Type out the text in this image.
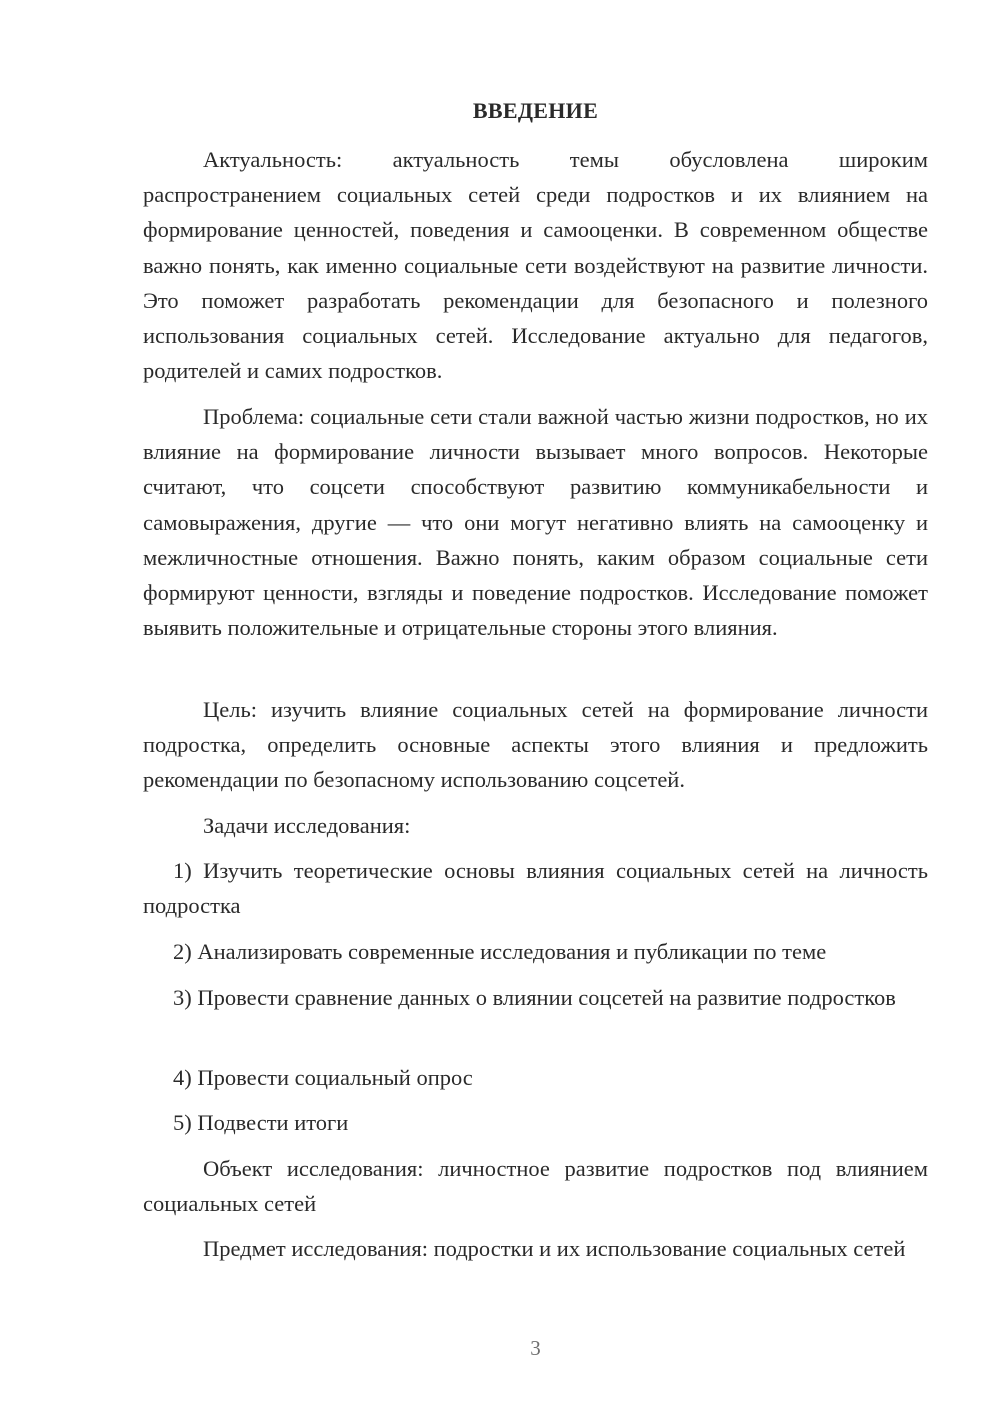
ВВЕДЕНИЕ

Актуальность: актуальность темы обусловлена широким распространением социальных сетей среди подростков и их влиянием на формирование ценностей, поведения и самооценки. В современном обществе важно понять, как именно социальные сети воздействуют на развитие личности. Это поможет разработать рекомендации для безопасного и полезного использования социальных сетей. Исследование актуально для педагогов, родителей и самих подростков.

Проблема: социальные сети стали важной частью жизни подростков, но их влияние на формирование личности вызывает много вопросов. Некоторые считают, что соцсети способствуют развитию коммуникабельности и самовыражения, другие — что они могут негативно влиять на самооценку и межличностные отношения. Важно понять, каким образом социальные сети формируют ценности, взгляды и поведение подростков. Исследование поможет выявить положительные и отрицательные стороны этого влияния.

Цель: изучить влияние социальных сетей на формирование личности подростка, определить основные аспекты этого влияния и предложить рекомендации по безопасному использованию соцсетей.

Задачи исследования:

1) Изучить теоретические основы влияния социальных сетей на личность подростка

2) Анализировать современные исследования и публикации по теме

3) Провести сравнение данных о влиянии соцсетей на развитие подростков

4) Провести социальный опрос

5) Подвести итоги

Объект исследования: личностное развитие подростков под влиянием социальных сетей

Предмет исследования: подростки и их использование социальных сетей

3
